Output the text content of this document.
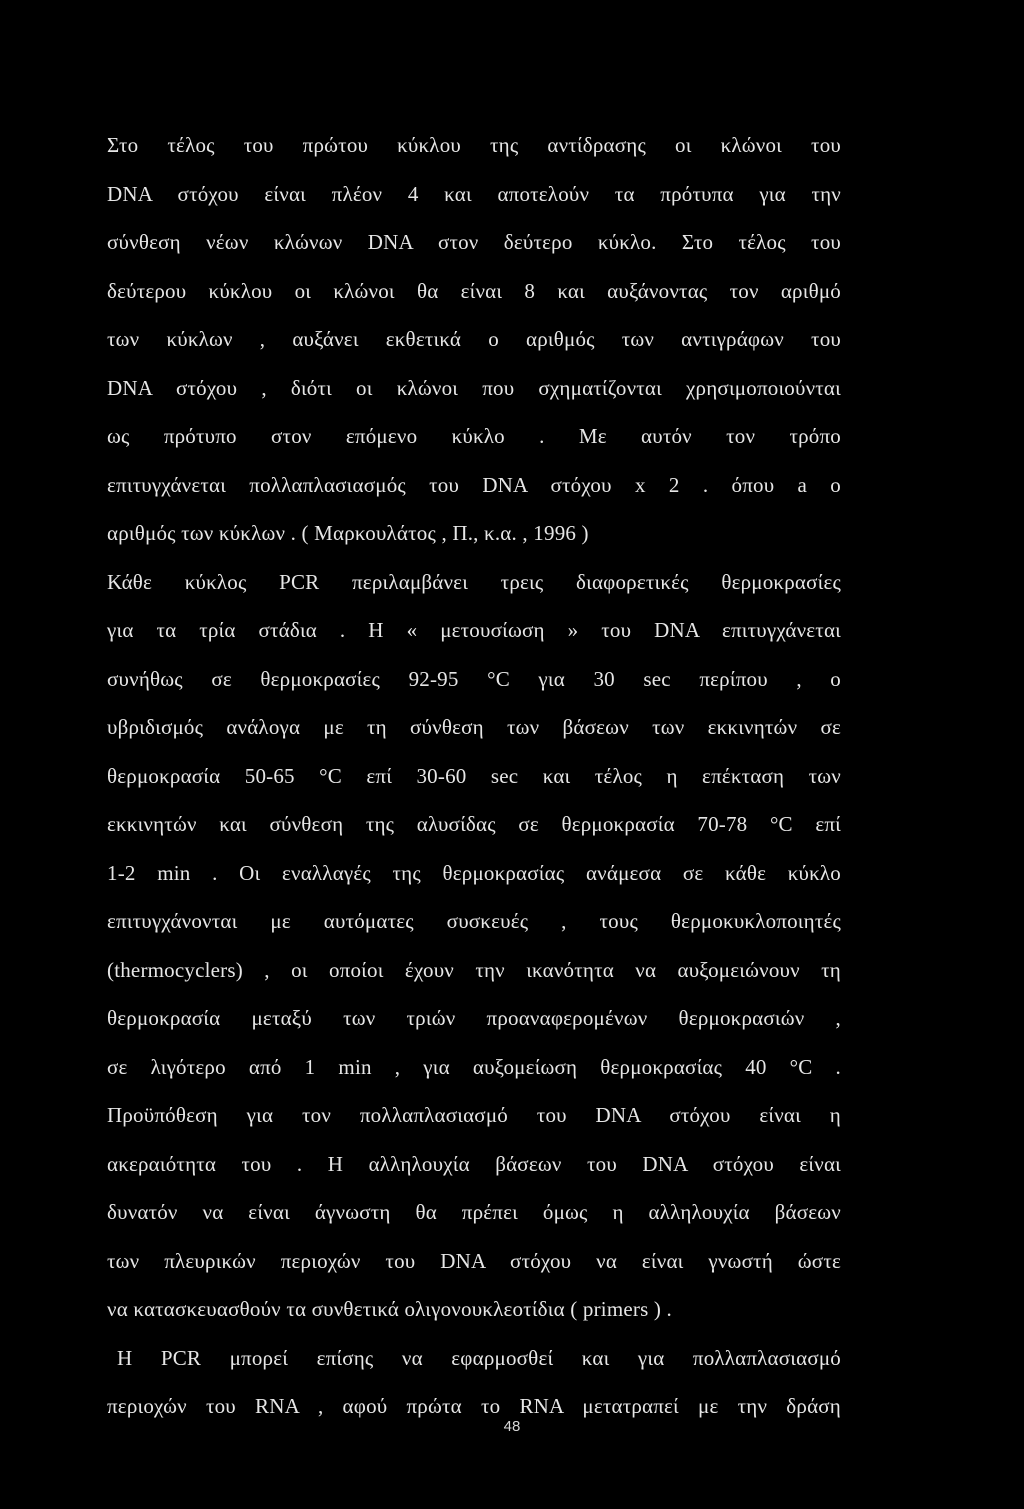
Στο τέλος του πρώτου κύκλου της αντίδρασης οι κλώνοι του
DNA στόχου είναι πλέον 4 και αποτελούν τα πρότυπα για την
σύνθεση νέων κλώνων DNA στον δεύτερο κύκλο. Στο τέλος του
δεύτερου κύκλου οι κλώνοι θα είναι 8 και αυξάνοντας τον αριθμό
των κύκλων , αυξάνει εκθετικά ο αριθμός των αντιγράφων του
DNA στόχου , διότι οι κλώνοι που σχηματίζονται χρησιμοποιούνται
ως πρότυπο στον επόμενο κύκλο . Με αυτόν τον τρόπο
επιτυγχάνεται πολλαπλασιασμός του DNA στόχου x 2 . όπου a ο
αριθμός των κύκλων . ( Μαρκουλάτος , Π., κ.α. , 1996 )
Κάθε κύκλος PCR περιλαμβάνει τρεις διαφορετικές θερμοκρασίες
για τα τρία στάδια . Η « μετουσίωση » του DNA επιτυγχάνεται
συνήθως σε θερμοκρασίες 92-95 °C για 30 sec περίπου , ο
υβριδισμός ανάλογα με τη σύνθεση των βάσεων των εκκινητών σε
θερμοκρασία 50-65 °C επί 30-60 sec και τέλος η επέκταση των
εκκινητών και σύνθεση της αλυσίδας σε θερμοκρασία 70-78 °C επί
1-2 min . Οι εναλλαγές της θερμοκρασίας ανάμεσα σε κάθε κύκλο
επιτυγχάνονται με αυτόματες συσκευές , τους θερμοκυκλοποιητές
(thermocyclers) , οι οποίοι έχουν την ικανότητα να αυξομειώνουν τη
θερμοκρασία μεταξύ των τριών προαναφερομένων θερμοκρασιών ,
σε λιγότερο από 1 min , για αυξομείωση θερμοκρασίας 40 °C .
Προϋπόθεση για τον πολλαπλασιασμό του DNA στόχου είναι η
ακεραιότητα του . Η αλληλουχία βάσεων του DNA στόχου είναι
δυνατόν να είναι άγνωστη θα πρέπει όμως η αλληλουχία βάσεων
των πλευρικών περιοχών του DNA στόχου να είναι γνωστή ώστε
να κατασκευασθούν τα συνθετικά ολιγονουκλεοτίδια ( primers ) .
Η PCR μπορεί επίσης να εφαρμοσθεί και για πολλαπλασιασμό
περιοχών του RNA , αφού πρώτα το RNA μετατραπεί με την δράση
48
